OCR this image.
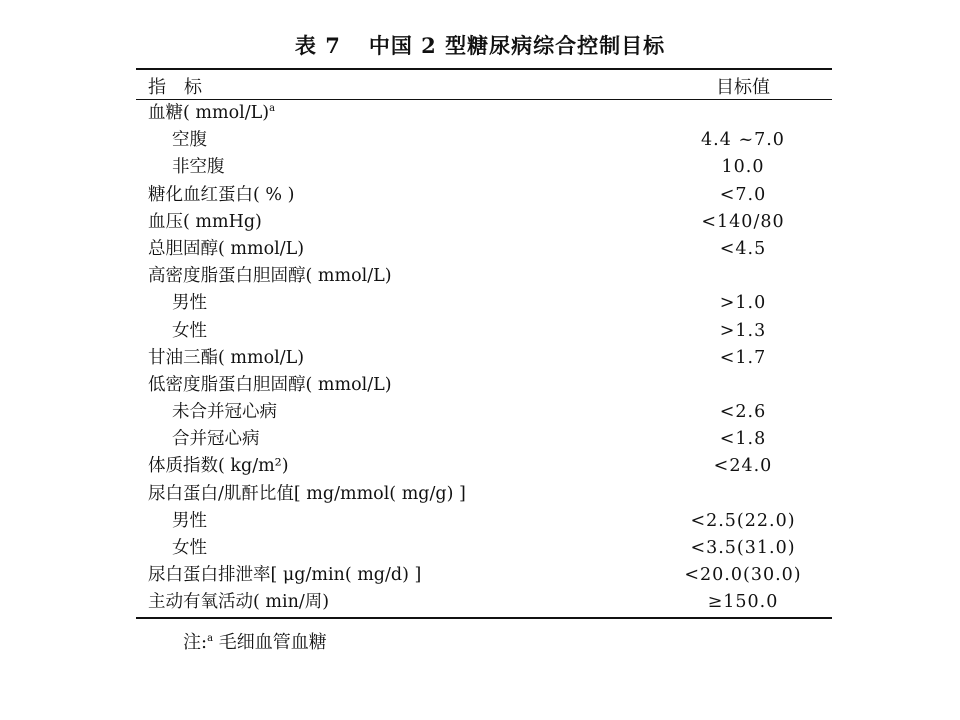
表 7 中国 2 型糖尿病综合控制目标
指标	目标值
血糖( mmol/L)$^a$
空腹	4.4 ~7.0
非空腹	10.0
糖化血红蛋白( % )	<7.0
血压( mmHg)	<140/80
总胆固醇( mmol/L)	<4.5
高密度脂蛋白胆固醇( mmol/L)
男性	>1.0
女性	>1.3
甘油三酯( mmol/L)	<1.7
低密度脂蛋白胆固醇( mmol/L)
未合并冠心病	<2.6
合并冠心病	<1.8
体质指数( kg/m²)	<24.0
尿白蛋白/肌酐比值[ mg/mmol( mg/g) ]
男性	<2.5(22.0)
女性	<3.5(31.0)
尿白蛋白排泄率[ μg/min( mg/d) ]	<20.0(30.0)
主动有氧活动( min/周)	≥150.0
注:$^a$ 毛细血管血糖
